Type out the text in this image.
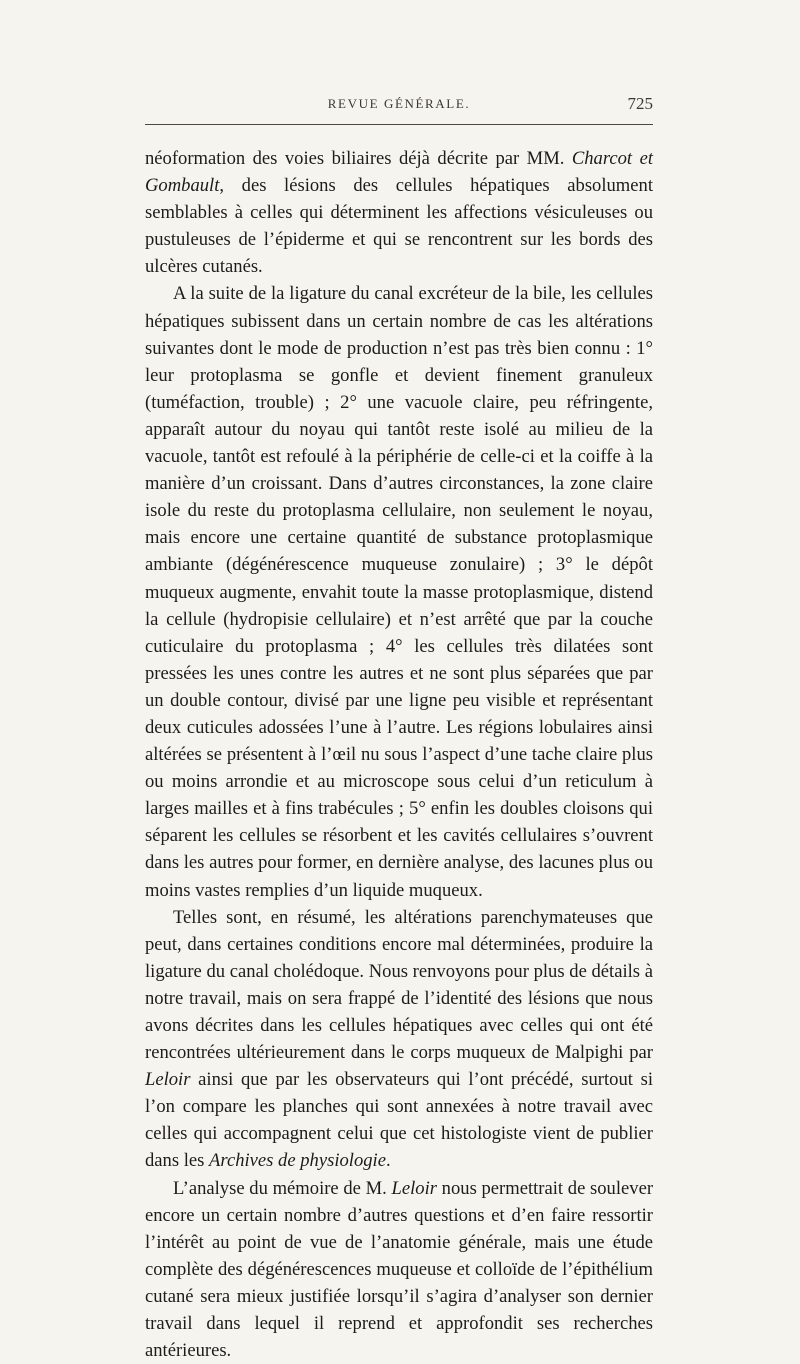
REVUE GÉNÉRALE.	725

néoformation des voies biliaires déjà décrite par MM. Charcot et Gombault, des lésions des cellules hépatiques absolument semblables à celles qui déterminent les affections vésiculeuses ou pustuleuses de l’épiderme et qui se rencontrent sur les bords des ulcères cutanés.

A la suite de la ligature du canal excréteur de la bile, les cellules hépatiques subissent dans un certain nombre de cas les altérations suivantes dont le mode de production n’est pas très bien connu : 1° leur protoplasma se gonfle et devient finement granuleux (tuméfaction, trouble) ; 2° une vacuole claire, peu réfringente, apparaît autour du noyau qui tantôt reste isolé au milieu de la vacuole, tantôt est refoulé à la périphérie de celle-ci et la coiffe à la manière d’un croissant. Dans d’autres circonstances, la zone claire isole du reste du protoplasma cellulaire, non seulement le noyau, mais encore une certaine quantité de substance protoplasmique ambiante (dégénérescence muqueuse zonulaire) ; 3° le dépôt muqueux augmente, envahit toute la masse protoplasmique, distend la cellule (hydropisie cellulaire) et n’est arrêté que par la couche cuticulaire du protoplasma ; 4° les cellules très dilatées sont pressées les unes contre les autres et ne sont plus séparées que par un double contour, divisé par une ligne peu visible et représentant deux cuticules adossées l’une à l’autre. Les régions lobulaires ainsi altérées se présentent à l’œil nu sous l’aspect d’une tache claire plus ou moins arrondie et au microscope sous celui d’un reticulum à larges mailles et à fins trabécules ; 5° enfin les doubles cloisons qui séparent les cellules se résorbent et les cavités cellulaires s’ouvrent dans les autres pour former, en dernière analyse, des lacunes plus ou moins vastes remplies d’un liquide muqueux.

Telles sont, en résumé, les altérations parenchymateuses que peut, dans certaines conditions encore mal déterminées, produire la ligature du canal cholédoque. Nous renvoyons pour plus de détails à notre travail, mais on sera frappé de l’identité des lésions que nous avons décrites dans les cellules hépatiques avec celles qui ont été rencontrées ultérieurement dans le corps muqueux de Malpighi par Leloir ainsi que par les observateurs qui l’ont précédé, surtout si l’on compare les planches qui sont annexées à notre travail avec celles qui accompagnent celui que cet histologiste vient de publier dans les Archives de physiologie.

L’analyse du mémoire de M. Leloir nous permettrait de soulever encore un certain nombre d’autres questions et d’en faire ressortir l’intérêt au point de vue de l’anatomie générale, mais une étude complète des dégénérescences muqueuse et colloïde de l’épithélium cutané sera mieux justifiée lorsqu’il s’agira d’analyser son dernier travail dans lequel il reprend et approfondit ses recherches antérieures.
